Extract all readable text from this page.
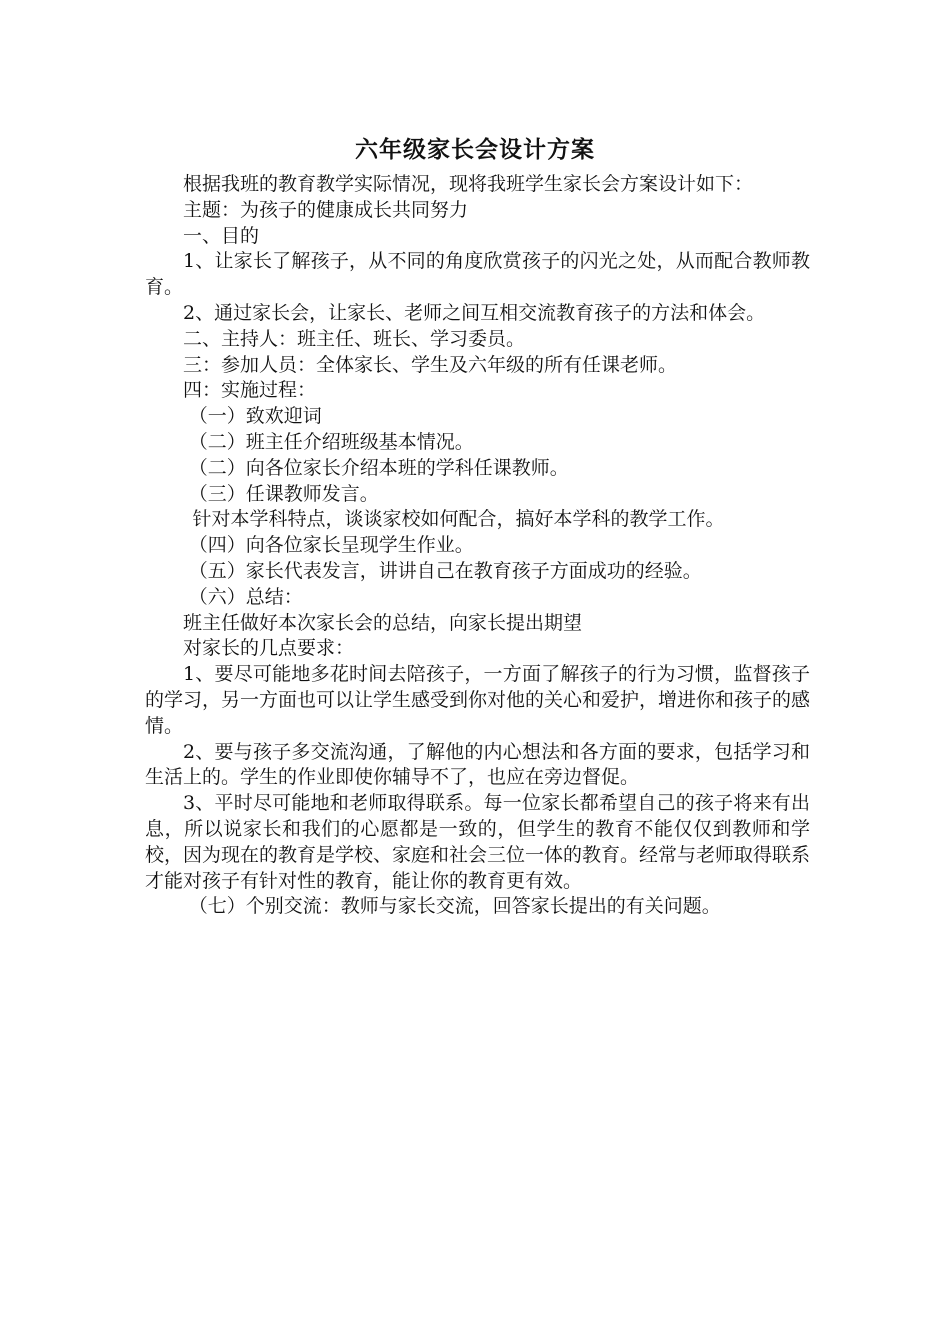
六年级家长会设计方案

根据我班的教育教学实际情况，现将我班学生家长会方案设计如下：

主题：为孩子的健康成长共同努力

一、目的

1、让家长了解孩子，从不同的角度欣赏孩子的闪光之处，从而配合教师教育。

2、通过家长会，让家长、老师之间互相交流教育孩子的方法和体会。

二、主持人：班主任、班长、学习委员。

三：参加人员：全体家长、学生及六年级的所有任课老师。

四：实施过程：

（一）致欢迎词

（二）班主任介绍班级基本情况。

（二）向各位家长介绍本班的学科任课教师。

（三）任课教师发言。

针对本学科特点，谈谈家校如何配合，搞好本学科的教学工作。

（四）向各位家长呈现学生作业。

（五）家长代表发言，讲讲自己在教育孩子方面成功的经验。

（六）总结：

班主任做好本次家长会的总结，向家长提出期望

对家长的几点要求：

1、要尽可能地多花时间去陪孩子，一方面了解孩子的行为习惯，监督孩子的学习，另一方面也可以让学生感受到你对他的关心和爱护，增进你和孩子的感情。

2、要与孩子多交流沟通，了解他的内心想法和各方面的要求，包括学习和生活上的。学生的作业即使你辅导不了，也应在旁边督促。

3、平时尽可能地和老师取得联系。每一位家长都希望自己的孩子将来有出息，所以说家长和我们的心愿都是一致的，但学生的教育不能仅仅到教师和学校，因为现在的教育是学校、家庭和社会三位一体的教育。经常与老师取得联系才能对孩子有针对性的教育，能让你的教育更有效。

（七）个别交流：教师与家长交流，回答家长提出的有关问题。
